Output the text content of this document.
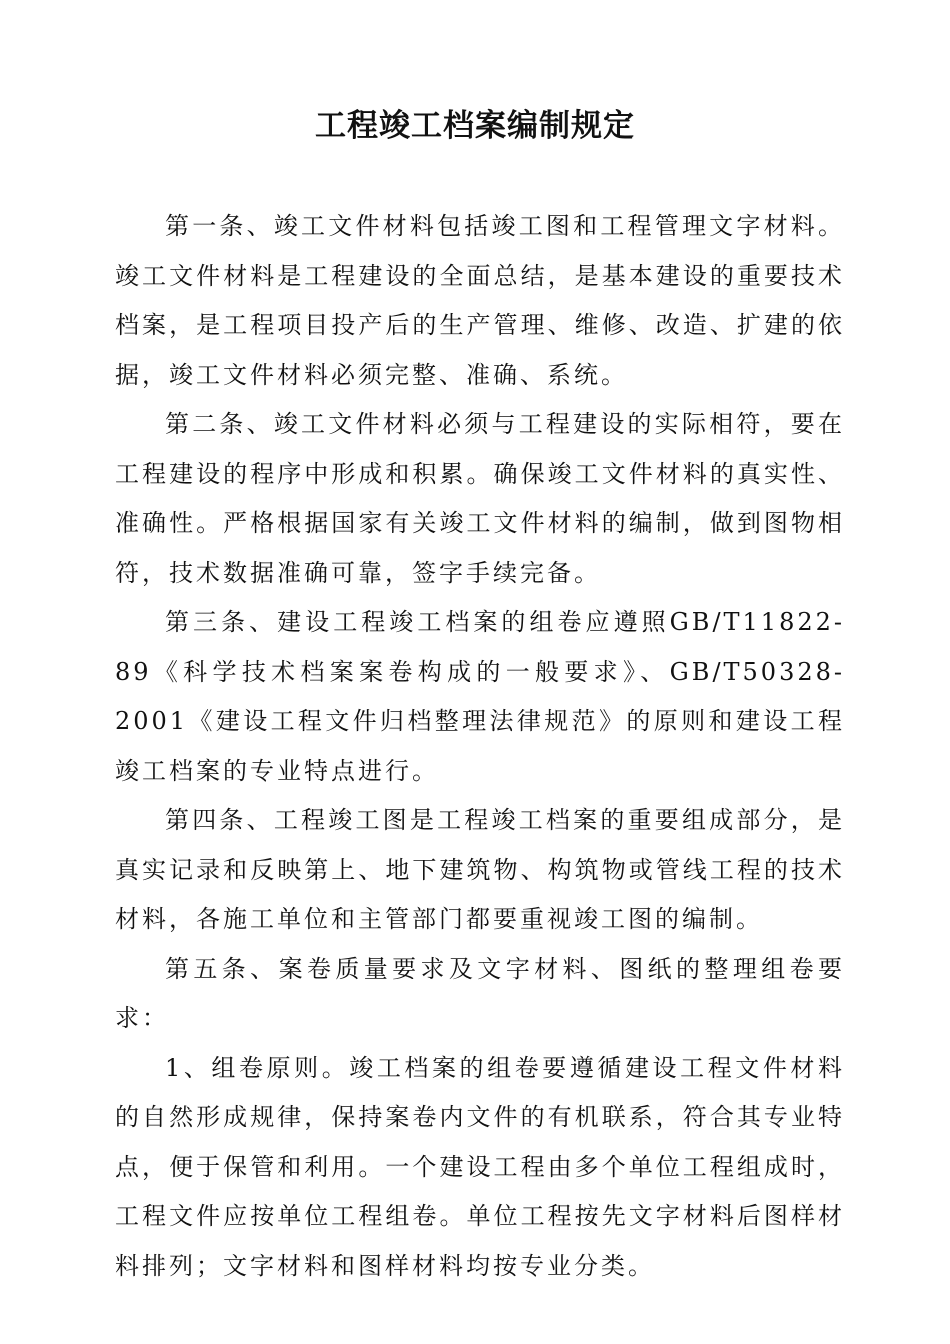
工程竣工档案编制规定

第一条、竣工文件材料包括竣工图和工程管理文字材料。竣工文件材料是工程建设的全面总结，是基本建设的重要技术档案，是工程项目投产后的生产管理、维修、改造、扩建的依据，竣工文件材料必须完整、准确、系统。

第二条、竣工文件材料必须与工程建设的实际相符，要在工程建设的程序中形成和积累。确保竣工文件材料的真实性、准确性。严格根据国家有关竣工文件材料的编制，做到图物相符，技术数据准确可靠，签字手续完备。

第三条、建设工程竣工档案的组卷应遵照GB/T11822-89《科学技术档案案卷构成的一般要求》、GB/T50328-2001《建设工程文件归档整理法律规范》的原则和建设工程竣工档案的专业特点进行。

第四条、工程竣工图是工程竣工档案的重要组成部分，是真实记录和反映第上、地下建筑物、构筑物或管线工程的技术材料，各施工单位和主管部门都要重视竣工图的编制。

第五条、案卷质量要求及文字材料、图纸的整理组卷要求：

1、组卷原则。竣工档案的组卷要遵循建设工程文件材料的自然形成规律，保持案卷内文件的有机联系，符合其专业特点，便于保管和利用。一个建设工程由多个单位工程组成时，工程文件应按单位工程组卷。单位工程按先文字材料后图样材料排列；文字材料和图样材料均按专业分类。
